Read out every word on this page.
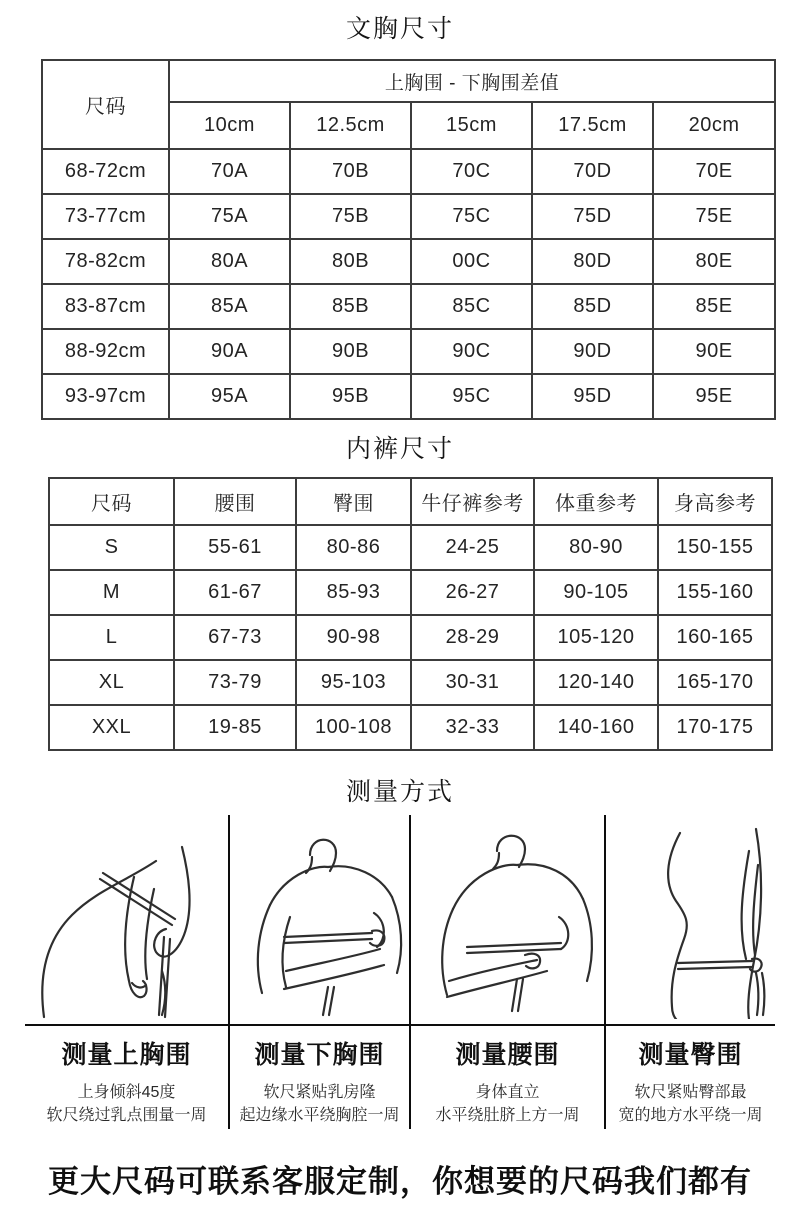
文胸尺寸
尺码	上胸围 - 下胸围差值				
	10cm	12.5cm	15cm	17.5cm	20cm
68-72cm	70A	70B	70C	70D	70E
73-77cm	75A	75B	75C	75D	75E
78-82cm	80A	80B	00C	80D	80E
83-87cm	85A	85B	85C	85D	85E
88-92cm	90A	90B	90C	90D	90E
93-97cm	95A	95B	95C	95D	95E
内裤尺寸
尺码	腰围	臀围	牛仔裤参考	体重参考	身高参考
S	55-61	80-86	24-25	80-90	150-155
M	61-67	85-93	26-27	90-105	155-160
L	67-73	90-98	28-29	105-120	160-165
XL	73-79	95-103	30-31	120-140	165-170
XXL	19-85	100-108	32-33	140-160	170-175
测量方式
测量上胸围
上身倾斜45度
软尺绕过乳点围量一周
测量下胸围
软尺紧贴乳房隆
起边缘水平绕胸腔一周
测量腰围
身体直立
水平绕肚脐上方一周
测量臀围
软尺紧贴臀部最
宽的地方水平绕一周
更大尺码可联系客服定制，你想要的尺码我们都有
